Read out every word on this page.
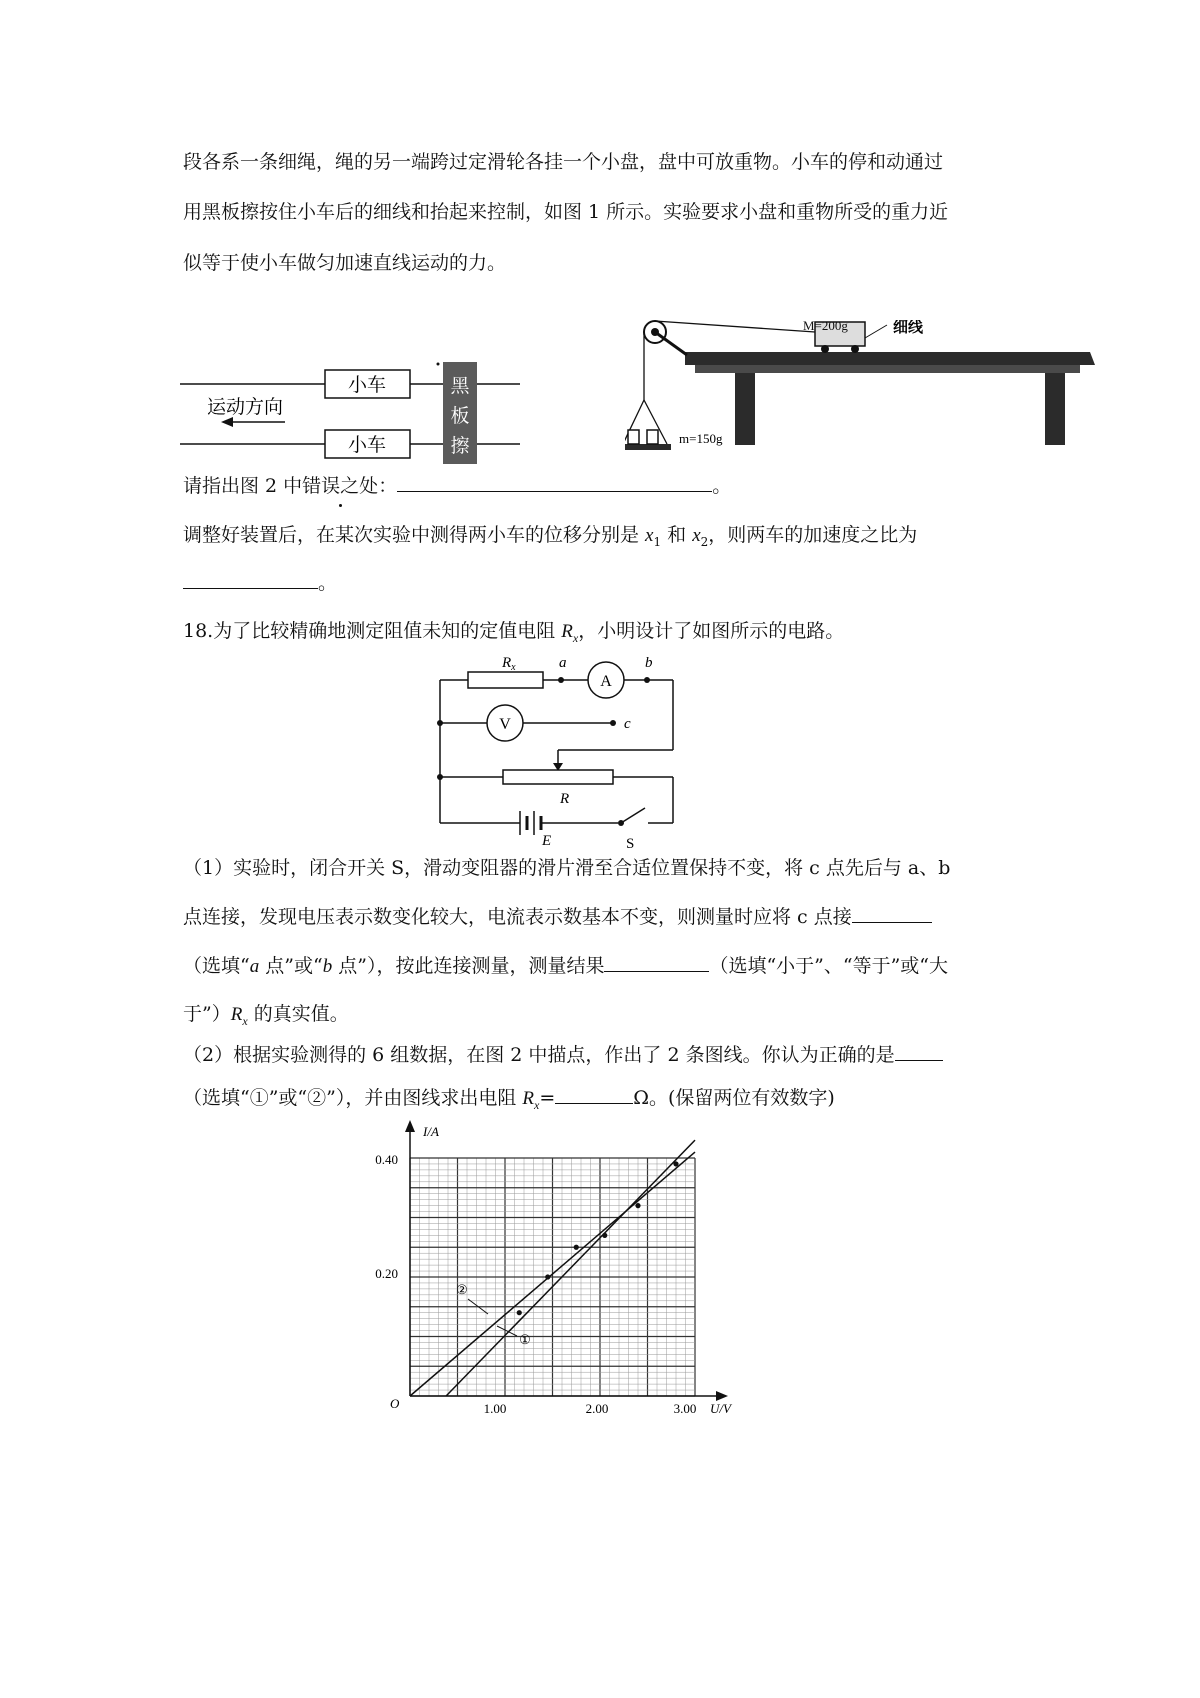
段各系一条细绳，绳的另一端跨过定滑轮各挂一个小盘，盘中可放重物。小车的停和动通过
用黑板擦按住小车后的细线和抬起来控制，如图 1 所示。实验要求小盘和重物所受的重力近
似等于使小车做匀加速直线运动的力。
小车
小车
黑
板
擦
运动方向
M=200g	细线
m=150g
请指出图 2 中错误之处：	。
调整好装置后，在某次实验中测得两小车的位移分别是 $x_1$ 和 $x_2$，则两车的加速度之比为
。
18.为了比较精确地测定阻值未知的定值电阻 $R_x$，小明设计了如图所示的电路。
$R_x$	a
A
b
V	c
R
E	S
（1）实验时，闭合开关 S，滑动变阻器的滑片滑至合适位置保持不变，将 c 点先后与 a、b
点连接，发现电压表示数变化较大，电流表示数基本不变，则测量时应将 c 点接
（选填“a 点”或“b 点”），按此连接测量，测量结果	（选填“小于”、“等于”或“大
于$”)R_x$ 的真实值。
（2）根据实验测得的 6 组数据，在图 2 中描点，作出了 2 条图线。你认为正确的是
（选填“①”或“②”），并由图线求出电阻 $R_x=$	Ω。(保留两位有效数字)
I/A
U/V
O	1.00	2.00	3.00
0.20
0.40
②
①
